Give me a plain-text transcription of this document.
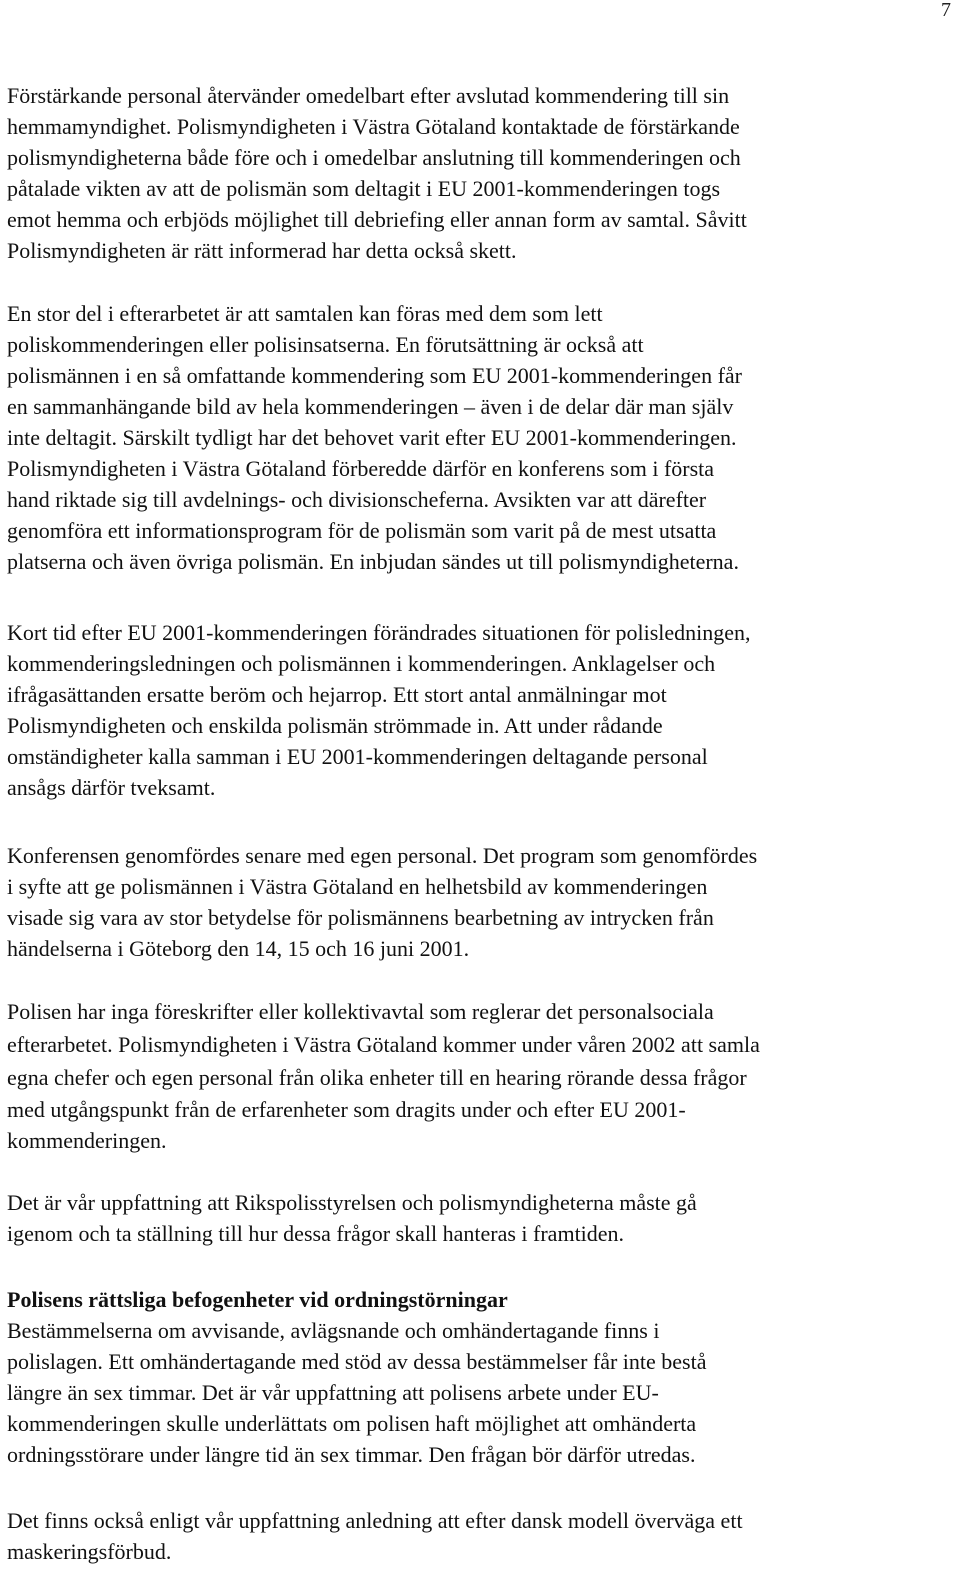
7
Förstärkande personal återvänder omedelbart efter avslutad kommendering till sin
hemmamyndighet. Polismyndigheten i Västra Götaland kontaktade de förstärkande
polismyndigheterna både före och i omedelbar anslutning till kommenderingen och
påtalade vikten av att de polismän som deltagit i EU 2001-kommenderingen togs
emot hemma och erbjöds möjlighet till debriefing eller annan form av samtal. Såvitt
Polismyndigheten är rätt informerad har detta också skett.
En stor del i efterarbetet är att samtalen kan föras med dem som lett
poliskommenderingen eller polisinsatserna. En förutsättning är också att
polismännen i en så omfattande kommendering som EU 2001-kommenderingen får
en sammanhängande bild av hela kommenderingen – även i de delar där man själv
inte deltagit. Särskilt tydligt har det behovet varit efter EU 2001-kommenderingen.
Polismyndigheten i Västra Götaland förberedde därför en konferens som i första
hand riktade sig till avdelnings- och divisionscheferna. Avsikten var att därefter
genomföra ett informationsprogram för de polismän som varit på de mest utsatta
platserna och även övriga polismän. En inbjudan sändes ut till polismyndigheterna.
Kort tid efter EU 2001-kommenderingen förändrades situationen för polisledningen,
kommenderingsledningen och polismännen i kommenderingen. Anklagelser och
ifrågasättanden ersatte beröm och hejarrop. Ett stort antal anmälningar mot
Polismyndigheten och enskilda polismän strömmade in. Att under rådande
omständigheter kalla samman i EU 2001-kommenderingen deltagande personal
ansågs därför tveksamt.
Konferensen genomfördes senare med egen personal. Det program som genomfördes
i syfte att ge polismännen i Västra Götaland en helhetsbild av kommenderingen
visade sig vara av stor betydelse för polismännens bearbetning av intrycken från
händelserna i Göteborg den 14, 15 och 16 juni 2001.
Polisen har inga föreskrifter eller kollektivavtal som reglerar det personalsociala
efterarbetet. Polismyndigheten i Västra Götaland kommer under våren 2002 att samla
egna chefer och egen personal från olika enheter till en hearing rörande dessa frågor
med utgångspunkt från de erfarenheter som dragits under och efter EU 2001-
kommenderingen.
Det är vår uppfattning att Rikspolisstyrelsen och polismyndigheterna måste gå
igenom och ta ställning till hur dessa frågor skall hanteras i framtiden.
Polisens rättsliga befogenheter vid ordningstörningar
Bestämmelserna om avvisande, avlägsnande och omhändertagande finns i
polislagen. Ett omhändertagande med stöd av dessa bestämmelser får inte bestå
längre än sex timmar. Det är vår uppfattning att polisens arbete under EU-
kommenderingen skulle underlättats om polisen haft möjlighet att omhänderta
ordningsstörare under längre tid än sex timmar. Den frågan bör därför utredas.
Det finns också enligt vår uppfattning anledning att efter dansk modell överväga ett
maskeringsförbud.
